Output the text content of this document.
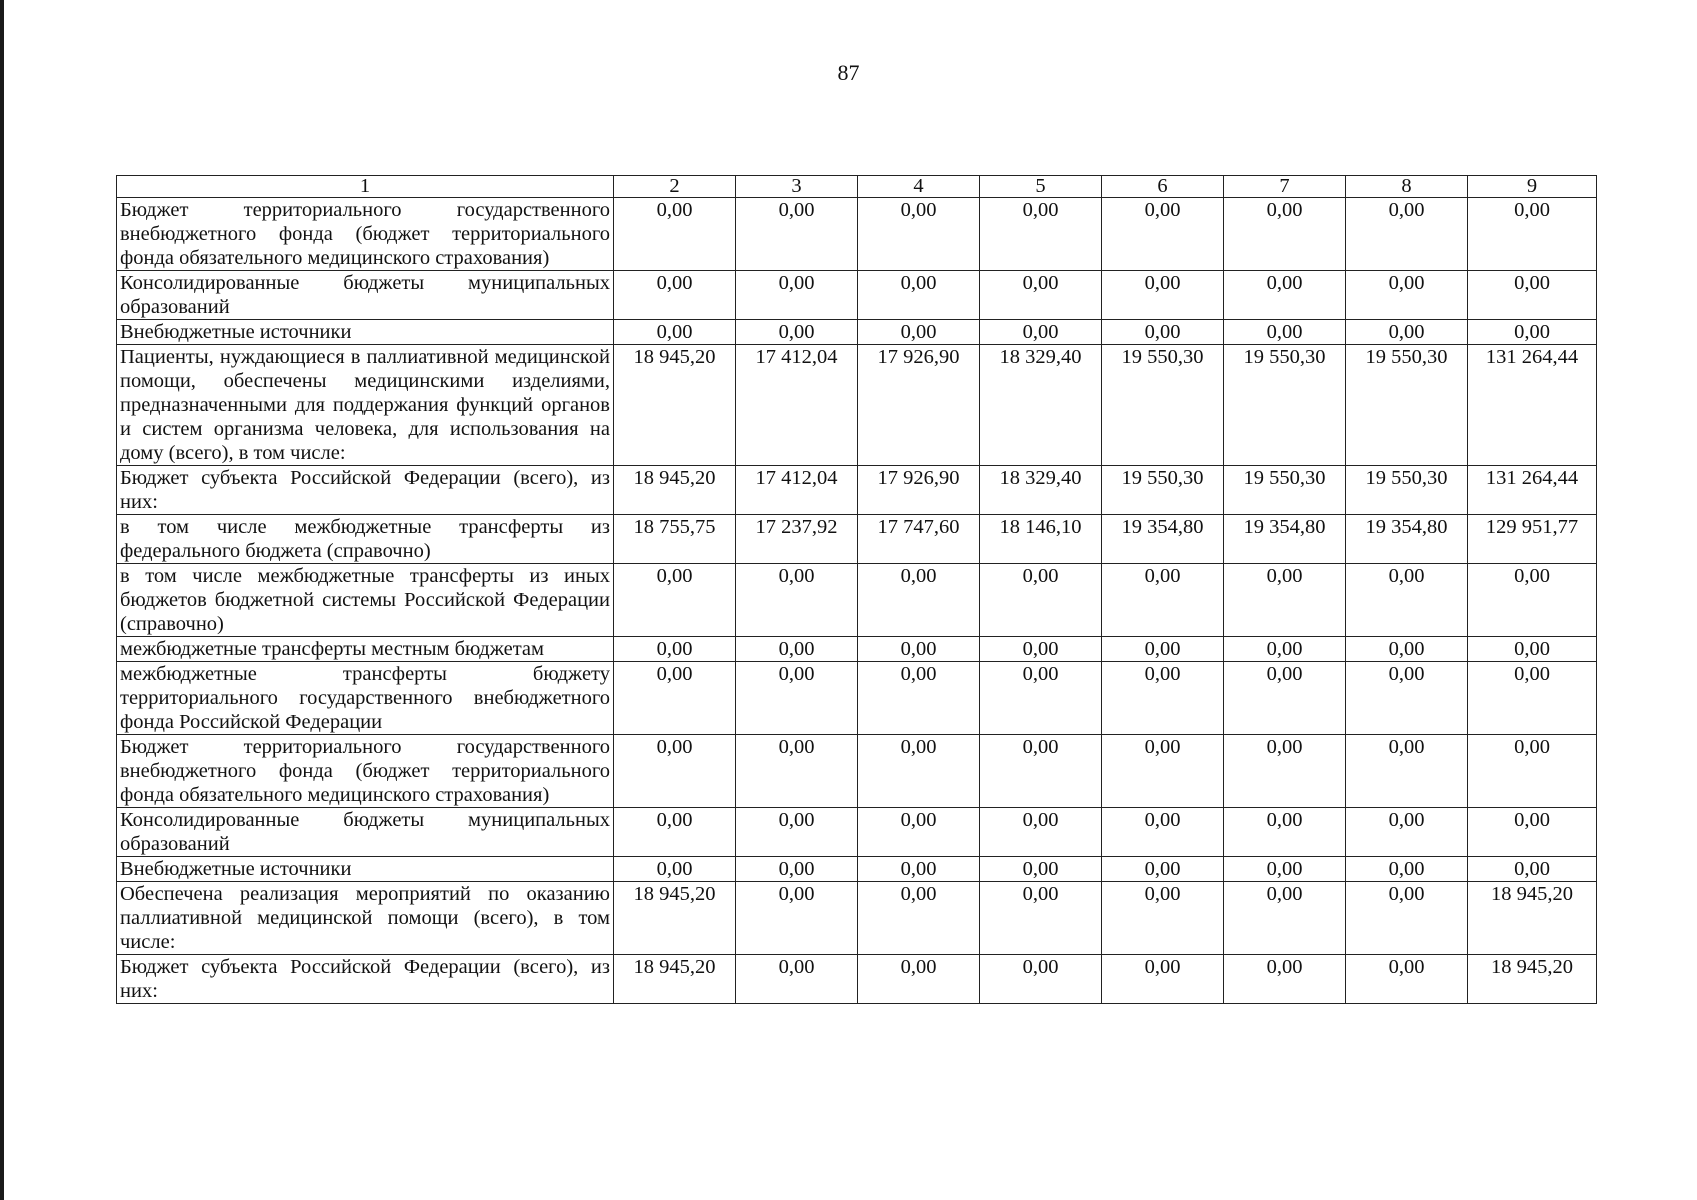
87
1	2	3	4	5	6	7	8	9
Бюджет территориального государственного внебюджетного фонда (бюджет территориального фонда обязательного медицинского страхования)	0,00	0,00	0,00	0,00	0,00	0,00	0,00	0,00
Консолидированные бюджеты муниципальных образований	0,00	0,00	0,00	0,00	0,00	0,00	0,00	0,00
Внебюджетные источники	0,00	0,00	0,00	0,00	0,00	0,00	0,00	0,00
Пациенты, нуждающиеся в паллиативной медицинской помощи, обеспечены медицинскими изделиями, предназначенными для поддержания функций органов и систем организма человека, для использования на дому (всего), в том числе:	18 945,20	17 412,04	17 926,90	18 329,40	19 550,30	19 550,30	19 550,30	131 264,44
Бюджет субъекта Российской Федерации (всего), из них:	18 945,20	17 412,04	17 926,90	18 329,40	19 550,30	19 550,30	19 550,30	131 264,44
в том числе межбюджетные трансферты из федерального бюджета (справочно)	18 755,75	17 237,92	17 747,60	18 146,10	19 354,80	19 354,80	19 354,80	129 951,77
в том числе межбюджетные трансферты из иных бюджетов бюджетной системы Российской Федерации (справочно)	0,00	0,00	0,00	0,00	0,00	0,00	0,00	0,00
межбюджетные трансферты местным бюджетам	0,00	0,00	0,00	0,00	0,00	0,00	0,00	0,00
межбюджетные трансферты бюджету территориального государственного внебюджетного фонда Российской Федерации	0,00	0,00	0,00	0,00	0,00	0,00	0,00	0,00
Бюджет территориального государственного внебюджетного фонда (бюджет территориального фонда обязательного медицинского страхования)	0,00	0,00	0,00	0,00	0,00	0,00	0,00	0,00
Консолидированные бюджеты муниципальных образований	0,00	0,00	0,00	0,00	0,00	0,00	0,00	0,00
Внебюджетные источники	0,00	0,00	0,00	0,00	0,00	0,00	0,00	0,00
Обеспечена реализация мероприятий по оказанию паллиативной медицинской помощи (всего), в том числе:	18 945,20	0,00	0,00	0,00	0,00	0,00	0,00	18 945,20
Бюджет субъекта Российской Федерации (всего), из них:	18 945,20	0,00	0,00	0,00	0,00	0,00	0,00	18 945,20
